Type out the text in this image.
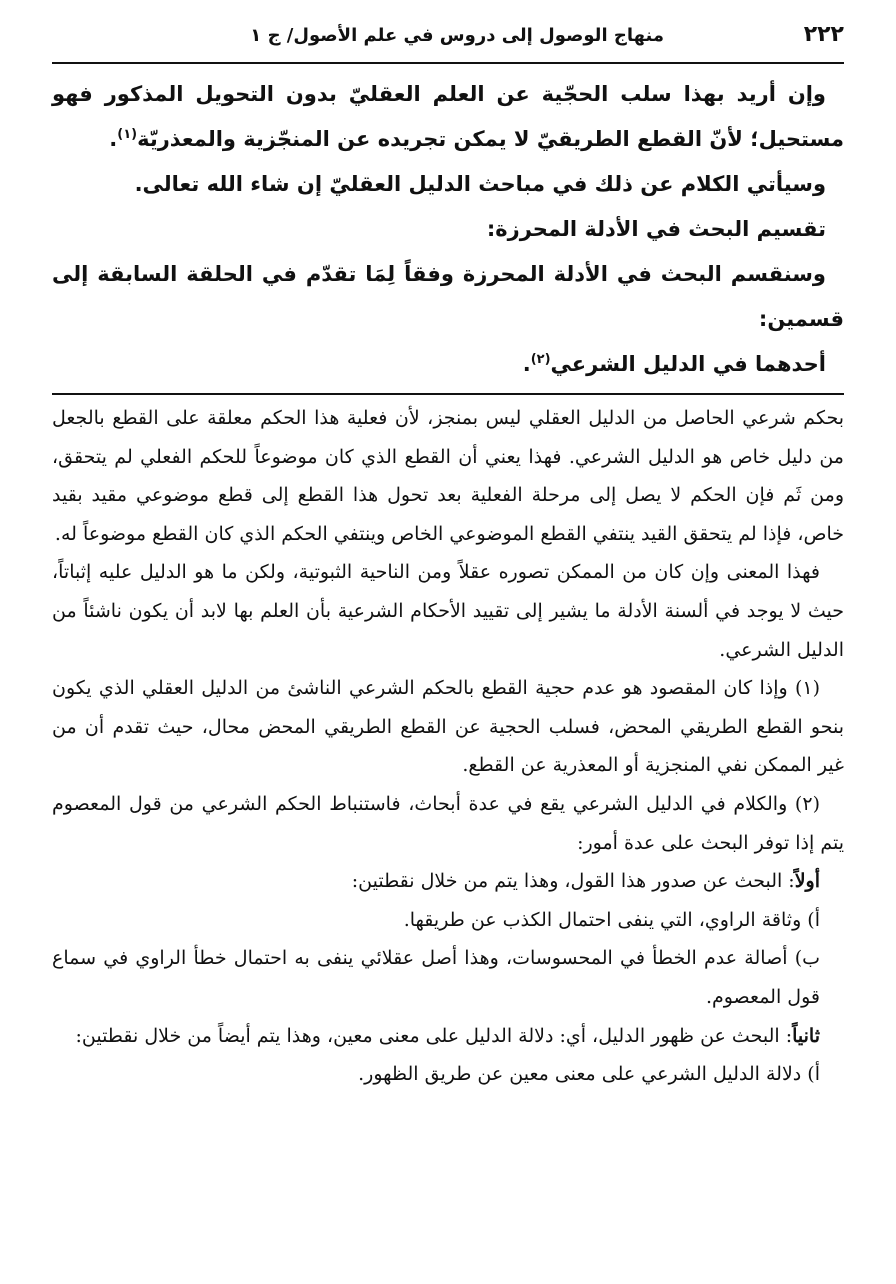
٢٢٢
منهاج الوصول إلى دروس في علم الأصول/ ج ١

وإن أريد بهذا سلب الحجّية عن العلم العقليّ بدون التحويل المذكور فهو مستحيل؛ لأنّ القطع الطريقيّ لا يمكن تجريده عن المنجّزية والمعذريّة$^{(١)}$.

وسيأتي الكلام عن ذلك في مباحث الدليل العقليّ إن شاء الله تعالى.

تقسيم البحث في الأدلة المحرزة:

وسنقسم البحث في الأدلة المحرزة وفقاً لِمَا تقدّم في الحلقة السابقة إلى قسمين:

أحدهما في الدليل الشرعي$^{(٢)}$.

بحكم شرعي الحاصل من الدليل العقلي ليس بمنجز، لأن فعلية هذا الحكم معلقة على القطع بالجعل من دليل خاص هو الدليل الشرعي. فهذا يعني أن القطع الذي كان موضوعاً للحكم الفعلي لم يتحقق، ومن ثَم فإن الحكم لا يصل إلى مرحلة الفعلية بعد تحول هذا القطع إلى قطع موضوعي مقيد بقيد خاص، فإذا لم يتحقق القيد ينتفي القطع الموضوعي الخاص وينتفي الحكم الذي كان القطع موضوعاً له.

فهذا المعنى وإن كان من الممكن تصوره عقلاً ومن الناحية الثبوتية، ولكن ما هو الدليل عليه إثباتاً، حيث لا يوجد في ألسنة الأدلة ما يشير إلى تقييد الأحكام الشرعية بأن العلم بها لابد أن يكون ناشئاً من الدليل الشرعي.

(١) وإذا كان المقصود هو عدم حجية القطع بالحكم الشرعي الناشئ من الدليل العقلي الذي يكون بنحو القطع الطريقي المحض، فسلب الحجية عن القطع الطريقي المحض محال، حيث تقدم أن من غير الممكن نفي المنجزية أو المعذرية عن القطع.

(٢) والكلام في الدليل الشرعي يقع في عدة أبحاث، فاستنباط الحكم الشرعي من قول المعصوم يتم إذا توفر البحث على عدة أمور:

أولاً: البحث عن صدور هذا القول، وهذا يتم من خلال نقطتين:

أ) وثاقة الراوي، التي ينفى احتمال الكذب عن طريقها.

ب) أصالة عدم الخطأ في المحسوسات، وهذا أصل عقلائي ينفى به احتمال خطأ الراوي في سماع قول المعصوم.

ثانياً: البحث عن ظهور الدليل، أي: دلالة الدليل على معنى معين، وهذا يتم أيضاً من خلال نقطتين:

أ) دلالة الدليل الشرعي على معنى معين عن طريق الظهور.
